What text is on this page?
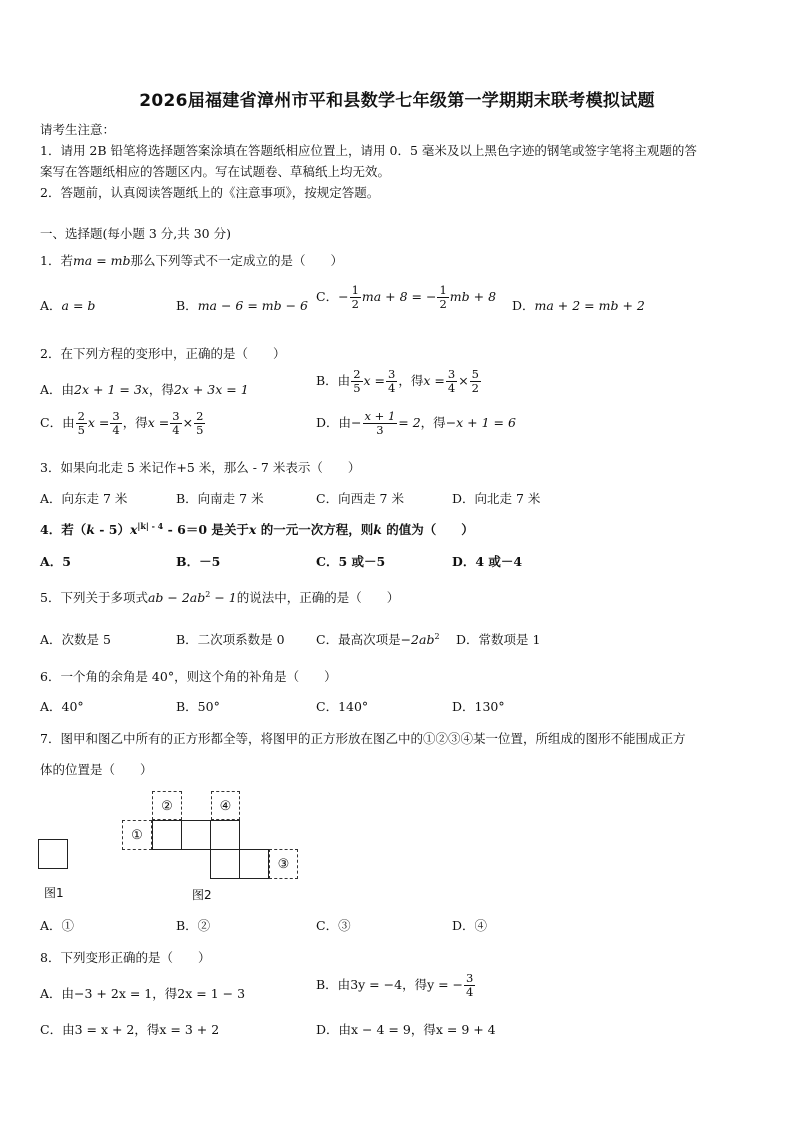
2026届福建省漳州市平和县数学七年级第一学期期末联考模拟试题
请考生注意：
1．请用 2B 铅笔将选择题答案涂填在答题纸相应位置上，请用 0．5 毫米及以上黑色字迹的钢笔或签字笔将主观题的答
案写在答题纸相应的答题区内。写在试题卷、草稿纸上均无效。
2．答题前，认真阅读答题纸上的《注意事项》，按规定答题。
一、选择题(每小题 3 分,共 30 分)
1．若ma = mb那么下列等式不一定成立的是（　　）
A．a = b	B．ma − 6 = mb − 6
C．− $\frac{1}{2}$ ma + 8 = − $\frac{1}{2}$ mb + 8
D．ma + 2 = mb + 2
2．在下列方程的变形中，正确的是（　　）
A．由2x + 1 = 3x，得2x + 3x = 1
B．由 $\frac{2}{5}$ $x = \frac{3}{4}$ ，得$x = \frac{3}{4} \times \frac{5}{2}$
C．由 $\frac{2}{5}$ $x = \frac{3}{4}$ ，得$x = \frac{3}{4} \times \frac{2}{5}$	D．由− $\frac{x + 1}{3} = 2$，得−x + 1 = 6
3．如果向北走 5 米记作+5 米，那么 - 7 米表示（　　）
A．向东走 7 米	B．向南走 7 米	C．向西走 7 米	D．向北走 7 米
4．若$(k - 5)x^{|k| - 4} - 6=0$ 是关于x 的一元一次方程，则k 的值为（　　）
A．5	B．－5	C．5 或－5	D．4 或－4
5．下列关于多项式ab − $2ab^2 - 1$的说法中，正确的是（　　）
A．次数是 5	B．二次项系数是 0	C．最高次项是$-2ab^2$ D．常数项是 1
6．一个角的余角是 40°，则这个角的补角是（　　）
A．40°	B．50°	C．140°	D．130°
7．图甲和图乙中所有的正方形都全等，将图甲的正方形放在图乙中的①②③④某一位置，所组成的图形不能围成正方
体的位置是（　　）
图1
①
②	④
③
图2
A．①	B．②	C．③	D．④
8．下列变形正确的是（　　）
A．由−3 + 2x = 1，得2x = 1 − 3
B．由3y = −4，得y = − $\frac{3}{4}$
C．由3 = x + 2，得x = 3 + 2	D．由x − 4 = 9，得x = 9 + 4
